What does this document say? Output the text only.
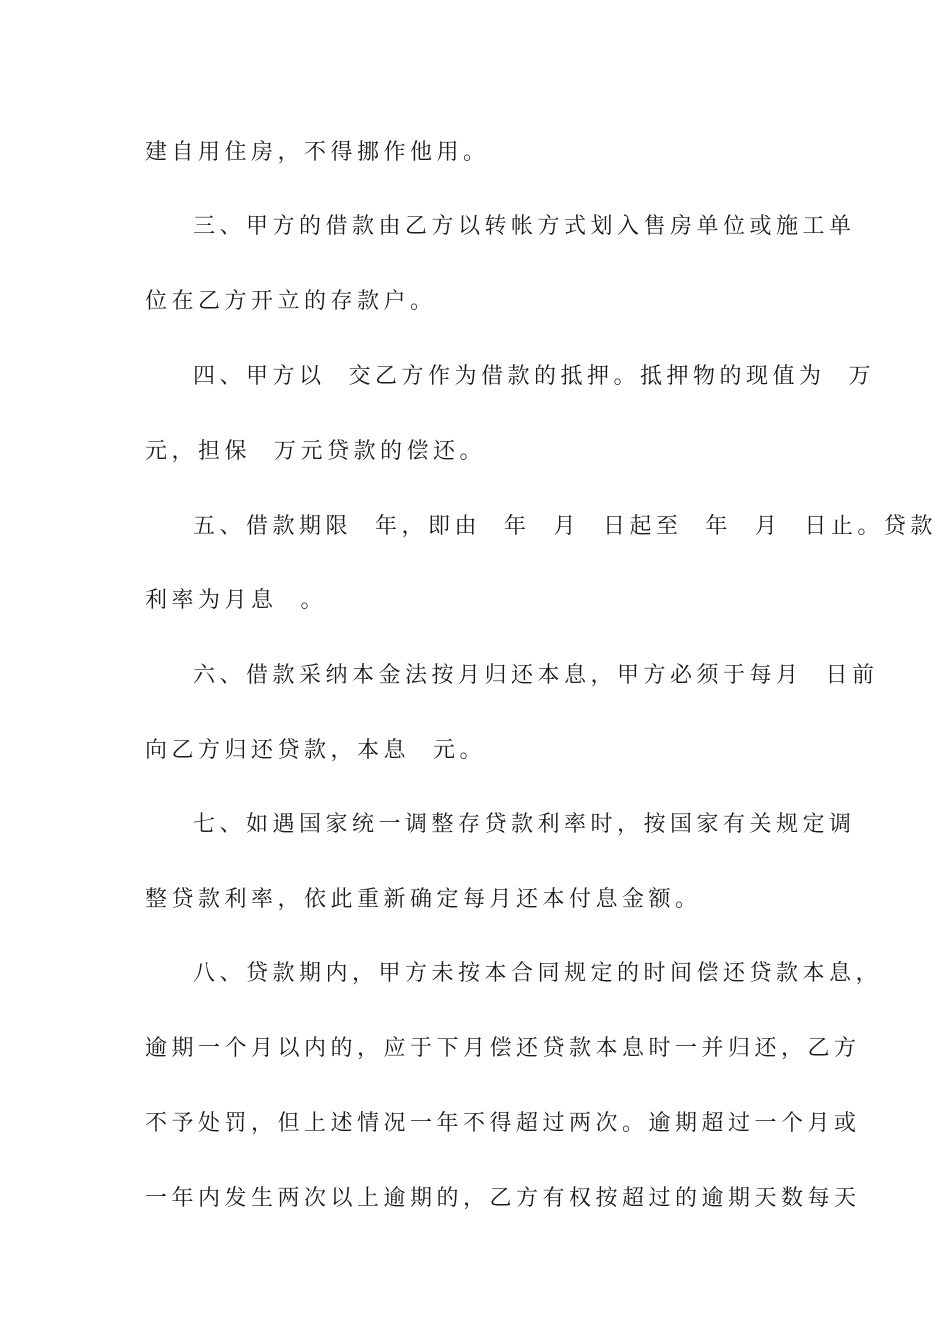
建自用住房，不得挪作他用。
三、甲方的借款由乙方以转帐方式划入售房单位或施工单
位在乙方开立的存款户。
四、甲方以  交乙方作为借款的抵押。抵押物的现值为  万
元，担保  万元贷款的偿还。
五、借款期限  年，即由  年  月  日起至  年  月  日止。贷款
利率为月息  。
六、借款采纳本金法按月归还本息，甲方必须于每月  日前
向乙方归还贷款，本息  元。
七、如遇国家统一调整存贷款利率时，按国家有关规定调
整贷款利率，依此重新确定每月还本付息金额。
八、贷款期内，甲方未按本合同规定的时间偿还贷款本息，
逾期一个月以内的，应于下月偿还贷款本息时一并归还，乙方
不予处罚，但上述情况一年不得超过两次。逾期超过一个月或
一年内发生两次以上逾期的，乙方有权按超过的逾期天数每天
